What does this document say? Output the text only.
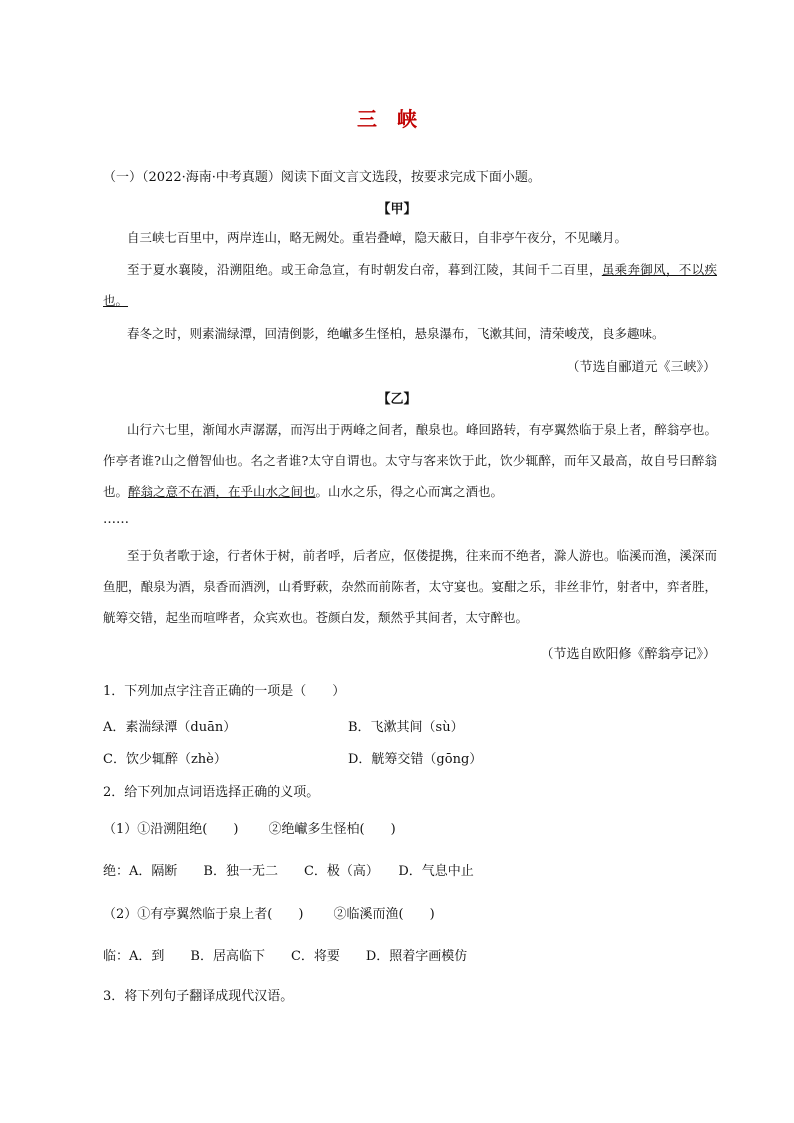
三峡
（一）（2022·海南·中考真题）阅读下面文言文选段，按要求完成下面小题。
【甲】
自三峡七百里中，两岸连山，略无阙处。重岩叠嶂，隐天蔽日，自非亭午夜分，不见曦月。
至于夏水襄陵，沿溯阻绝。或王命急宣，有时朝发白帝，暮到江陵，其间千二百里，虽乘奔御风，不以疾也。
春冬之时，则素湍绿潭，回清倒影，绝𪩘多生怪柏，悬泉瀑布，飞漱其间，清荣峻茂，良多趣味。
（节选自郦道元《三峡》）
【乙】
山行六七里，渐闻水声潺潺，而泻出于两峰之间者，酿泉也。峰回路转，有亭翼然临于泉上者，醉翁亭也。作亭者谁?山之僧智仙也。名之者谁?太守自谓也。太守与客来饮于此，饮少辄醉，而年又最高，故自号曰醉翁也。醉翁之意不在酒，在乎山水之间也。山水之乐，得之心而寓之酒也。
……
至于负者歌于途，行者休于树，前者呼，后者应，伛偻提携，往来而不绝者，滁人游也。临溪而渔，溪深而鱼肥，酿泉为酒，泉香而酒洌，山肴野蔌，杂然而前陈者，太守宴也。宴酣之乐，非丝非竹，射者中，弈者胜，觥筹交错，起坐而喧哗者，众宾欢也。苍颜白发，颓然乎其间者，太守醉也。
（节选自欧阳修《醉翁亭记》）
1．下列加点字注音正确的一项是（　　）
A．素湍绿潭（duān）	B．飞漱其间（sù）
C．饮少辄醉（zhè）	D．觥筹交错（gōng）
2．给下列加点词语选择正确的义项。
（1）①沿溯阻绝(　　)　　 ②绝𪩘多生怪柏(　　)
绝：A．隔断　　B．独一无二　　C．极（高）　　D．气息中止
（2）①有亭翼然临于泉上者(　　)　　 ②临溪而渔(　　)
临：A．到　　B．居高临下　　C．将要　　D．照着字画模仿
3．将下列句子翻译成现代汉语。
